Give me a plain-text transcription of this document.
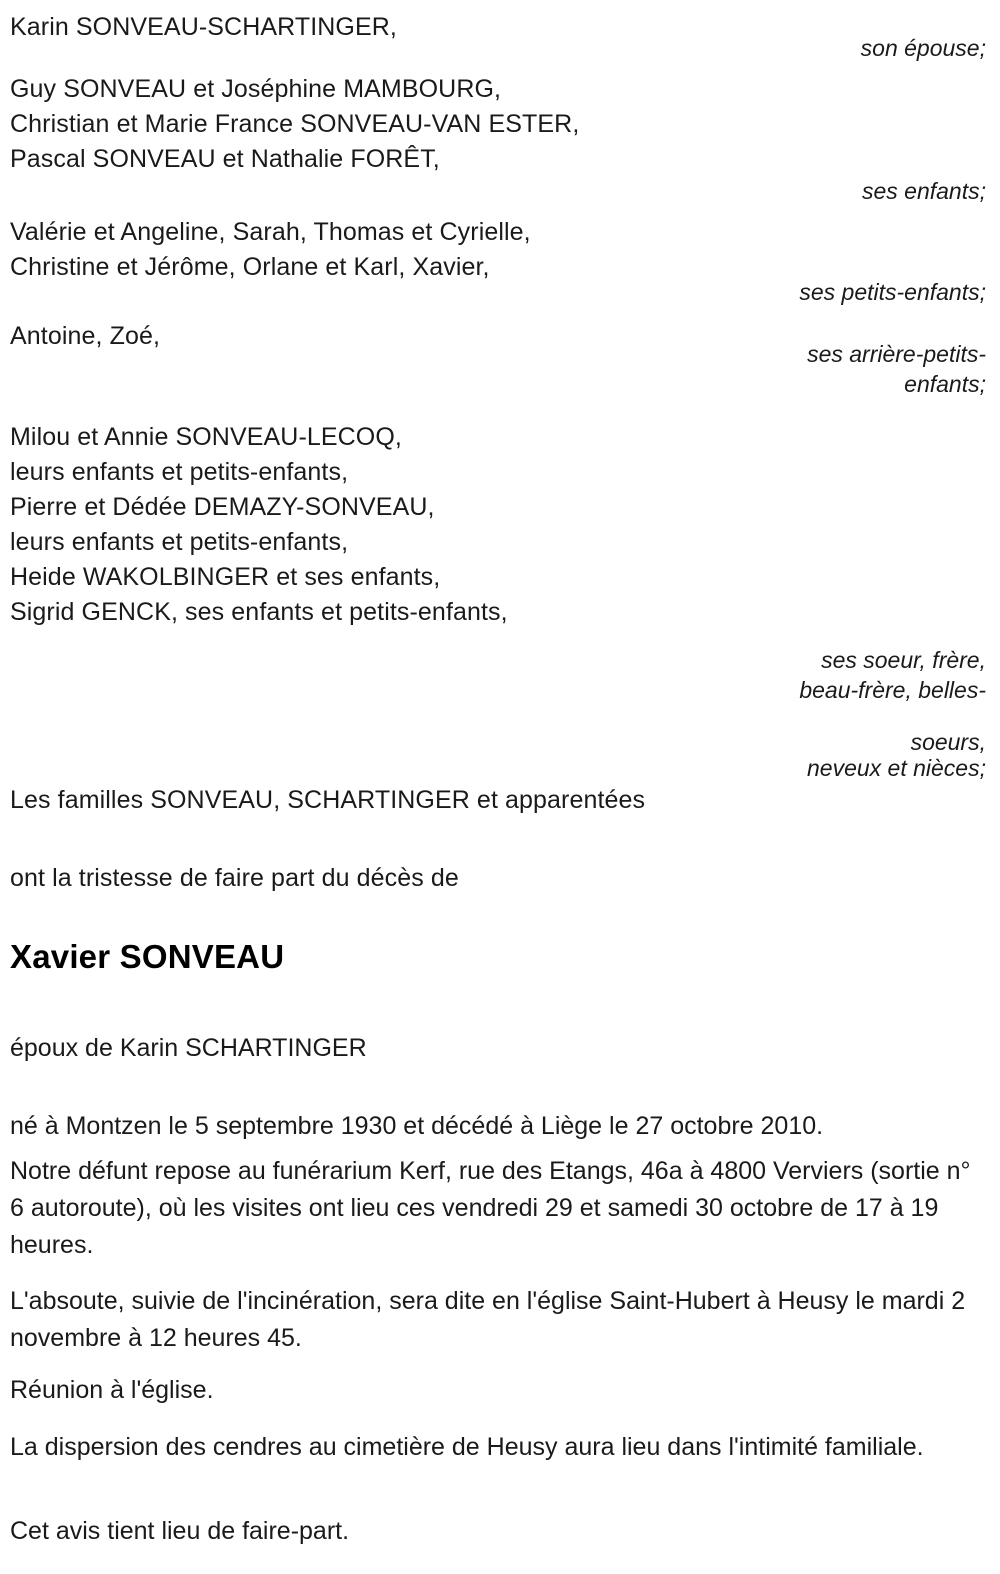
Karin SONVEAU-SCHARTINGER,
son épouse;
Guy SONVEAU et Joséphine MAMBOURG,
Christian et Marie France SONVEAU-VAN ESTER,
Pascal SONVEAU et Nathalie FORÊT,
ses enfants;
Valérie et Angeline, Sarah, Thomas et Cyrielle,
Christine et Jérôme, Orlane et Karl, Xavier,
ses petits-enfants;
Antoine, Zoé,
ses arrière-petits-
enfants;
Milou et Annie SONVEAU-LECOQ,
leurs enfants et petits-enfants,
Pierre et Dédée DEMAZY-SONVEAU,
leurs enfants et petits-enfants,
Heide WAKOLBINGER et ses enfants,
Sigrid GENCK, ses enfants et petits-enfants,
ses soeur, frère,
beau-frère, belles-
soeurs,
neveux et nièces;
Les familles SONVEAU, SCHARTINGER et apparentées
ont la tristesse de faire part du décès de
Xavier SONVEAU
époux de Karin SCHARTINGER
né à Montzen le 5 septembre 1930 et décédé à Liège le 27 octobre 2010.
Notre défunt repose au funérarium Kerf, rue des Etangs, 46a à 4800 Verviers (sortie n° 6 autoroute), où les visites ont lieu ces vendredi 29 et samedi 30 octobre de 17 à 19 heures.
L'absoute, suivie de l'incinération, sera dite en l'église Saint-Hubert à Heusy le mardi 2 novembre à 12 heures 45.
Réunion à l'église.
La dispersion des cendres au cimetière de Heusy aura lieu dans l'intimité familiale.
Cet avis tient lieu de faire-part.
